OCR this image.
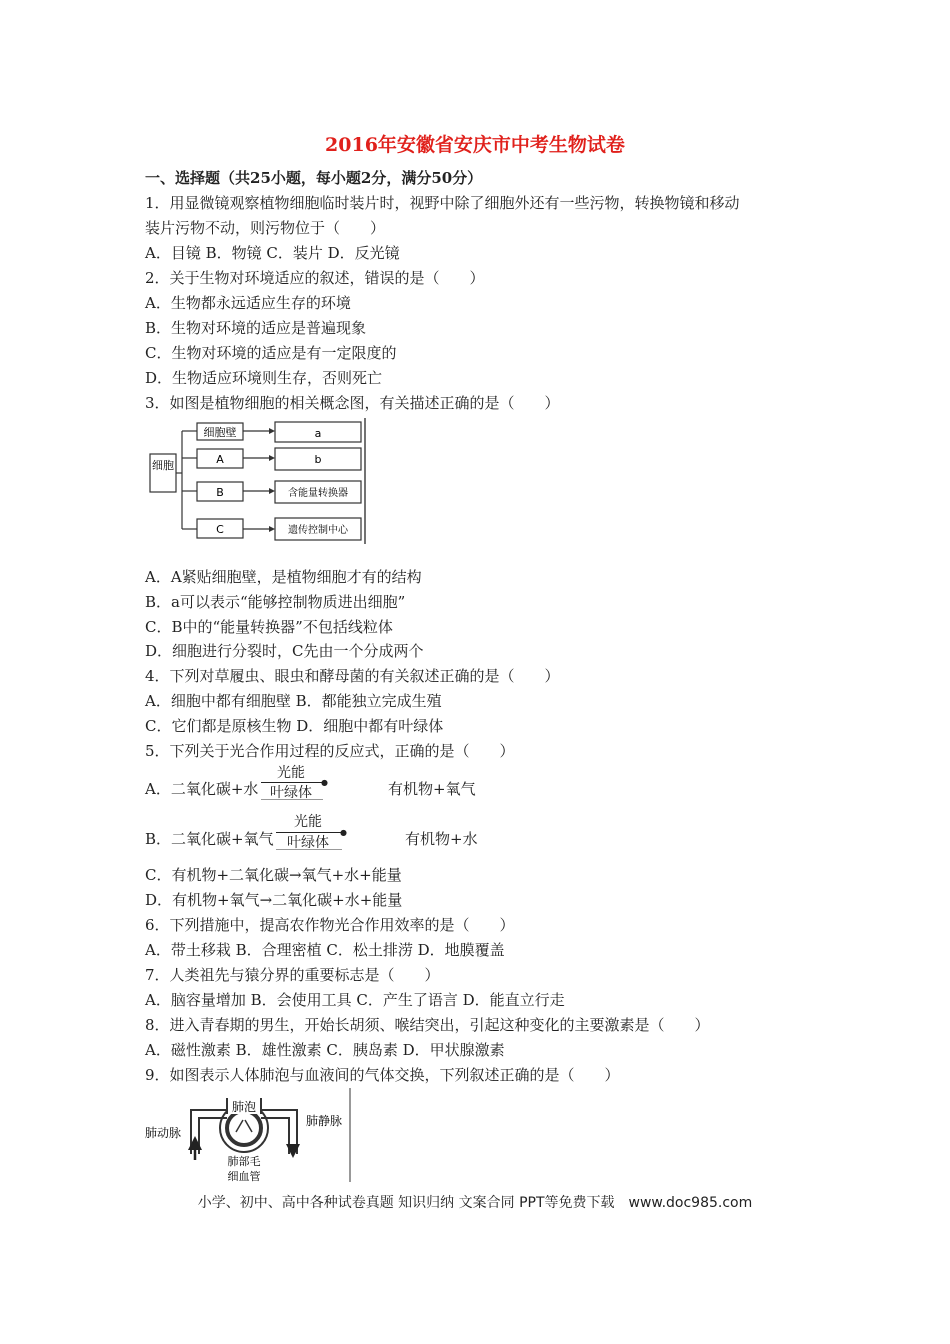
2016年安徽省安庆市中考生物试卷
一、选择题（共25小题，每小题2分，满分50分）
1．用显微镜观察植物细胞临时装片时，视野中除了细胞外还有一些污物，转换物镜和移动
装片污物不动，则污物位于（　　）
A．目镜 B．物镜 C．装片 D．反光镜
2．关于生物对环境适应的叙述，错误的是（　　）
A．生物都永远适应生存的环境
B．生物对环境的适应是普遍现象
C．生物对环境的适应是有一定限度的
D．生物适应环境则生存，否则死亡
3．如图是植物细胞的相关概念图，有关描述正确的是（　　）
细胞
细胞壁
A
B
C
a
b
含能量转换器
遗传控制中心
A．A紧贴细胞壁，是植物细胞才有的结构
B．a可以表示“能够控制物质进出细胞”
C．B中的“能量转换器”不包括线粒体
D．细胞进行分裂时，C先由一个分成两个
4．下列对草履虫、眼虫和酵母菌的有关叙述正确的是（　　）
A．细胞中都有细胞壁 B．都能独立完成生殖
C．它们都是原核生物 D．细胞中都有叶绿体
5．下列关于光合作用过程的反应式，正确的是（　　）
A．二氧化碳+水
光能
●
叶绿体	有机物+氧气
B．二氧化碳+氧气
光能
●
叶绿体	有机物+水
C．有机物+二氧化碳→氧气+水+能量
D．有机物+氧气→二氧化碳+水+能量
6．下列措施中，提高农作物光合作用效率的是（　　）
A．带土移栽 B．合理密植 C．松土排涝 D．地膜覆盖
7．人类祖先与猿分界的重要标志是（　　）
A．脑容量增加 B．会使用工具 C．产生了语言 D．能直立行走
8．进入青春期的男生，开始长胡须、喉结突出，引起这种变化的主要激素是（　　）
A．磁性激素 B．雄性激素 C．胰岛素 D．甲状腺激素
9．如图表示人体肺泡与血液间的气体交换，下列叙述正确的是（　　）
肺泡
肺动脉
肺静脉
肺部毛
细血管
小学、初中、高中各种试卷真题 知识归纳 文案合同 PPT等免费下载　www.doc985.com
